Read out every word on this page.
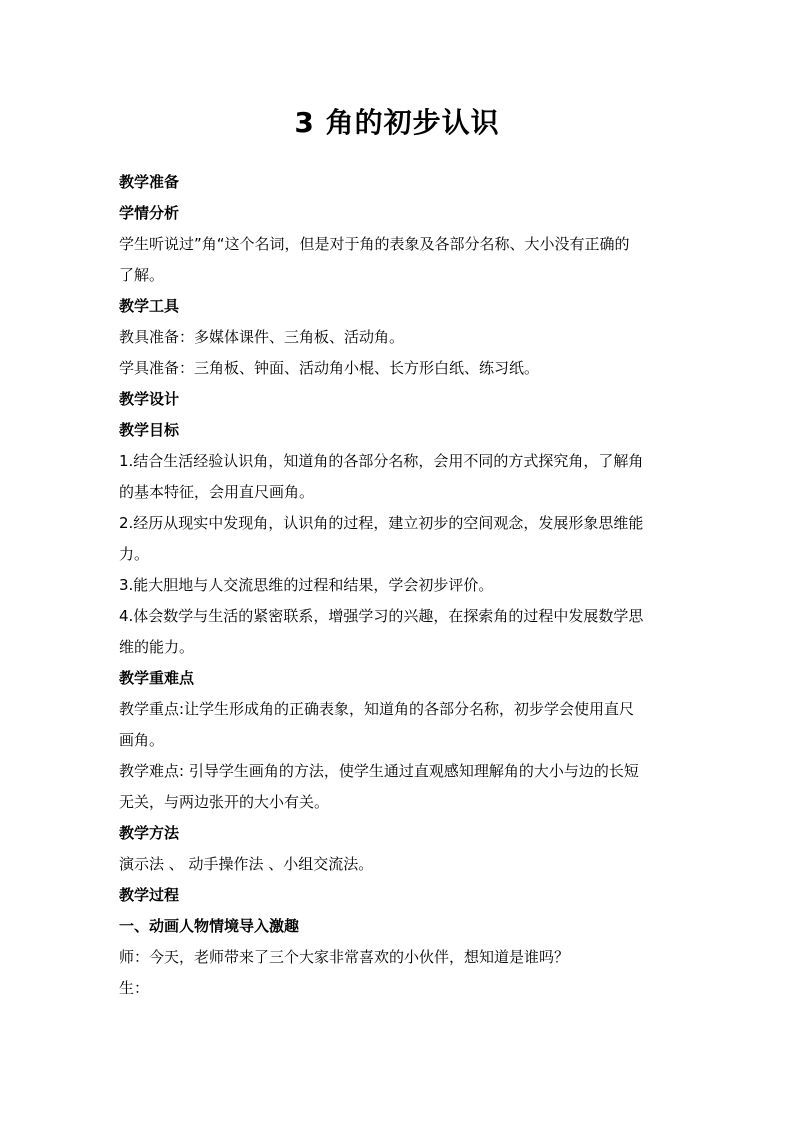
3 角的初步认识

教学准备

学情分析

学生听说过”角“这个名词，但是对于角的表象及各部分名称、大小没有正确的

了解。

教学工具

教具准备：多媒体课件、三角板、活动角。

学具准备：三角板、钟面、活动角小棍、长方形白纸、练习纸。

教学设计

教学目标

1.结合生活经验认识角，知道角的各部分名称，会用不同的方式探究角，了解角

的基本特征，会用直尺画角。

2.经历从现实中发现角，认识角的过程，建立初步的空间观念，发展形象思维能

力。

3.能大胆地与人交流思维的过程和结果，学会初步评价。

4.体会数学与生活的紧密联系，增强学习的兴趣，在探索角的过程中发展数学思

维的能力。

教学重难点

教学重点:让学生形成角的正确表象，知道角的各部分名称，初步学会使用直尺

画角。

教学难点: 引导学生画角的方法，使学生通过直观感知理解角的大小与边的长短

无关，与两边张开的大小有关。

教学方法

演示法 、 动手操作法 、小组交流法。

教学过程

一、动画人物情境导入激趣

师：今天，老师带来了三个大家非常喜欢的小伙伴，想知道是谁吗？

生：
